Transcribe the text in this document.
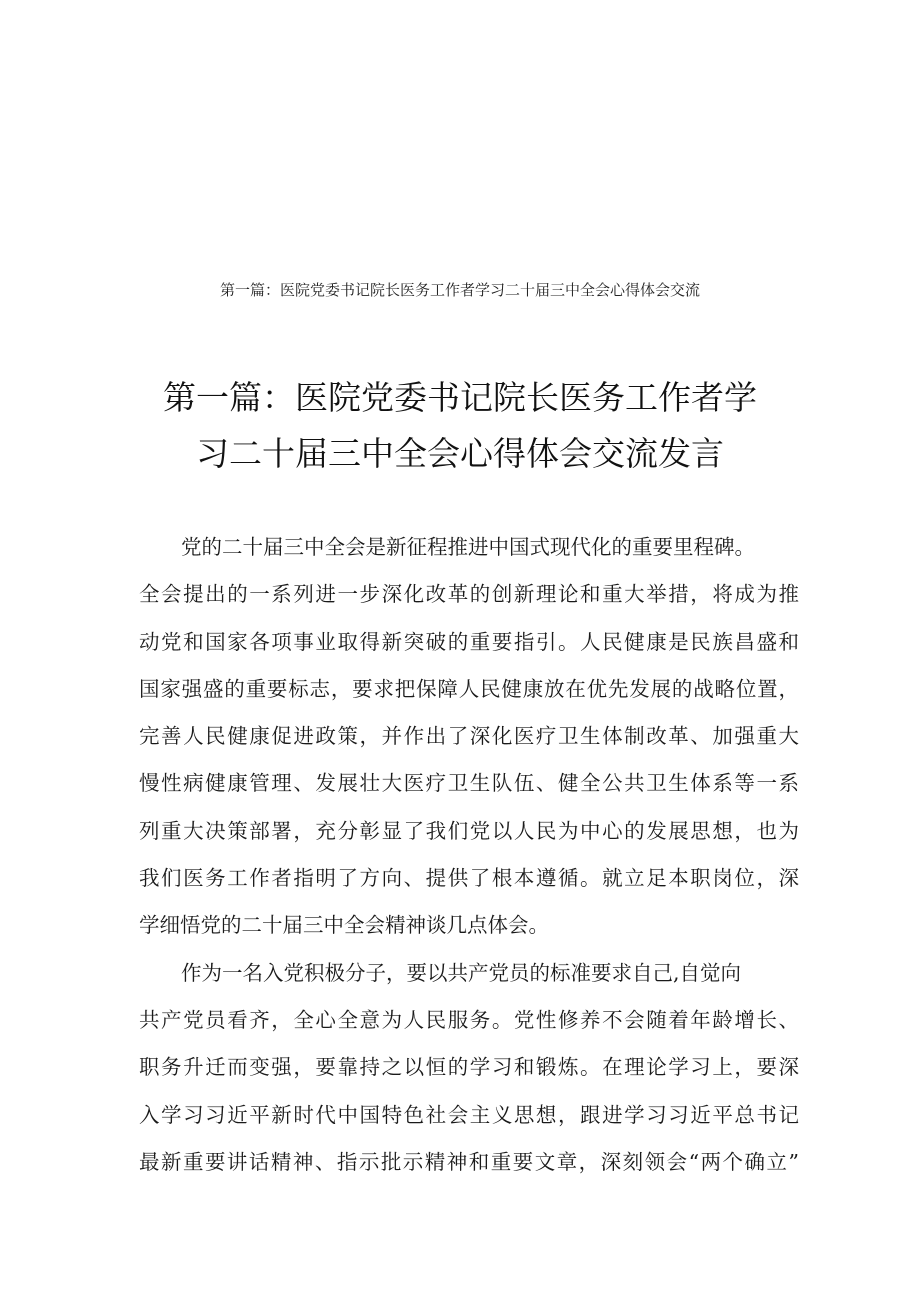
第一篇：医院党委书记院长医务工作者学习二十届三中全会心得体会交流
第一篇：医院党委书记院长医务工作者学
习二十届三中全会心得体会交流发言
党的二十届三中全会是新征程推进中国式现代化的重要里程碑。
全会提出的一系列进一步深化改革的创新理论和重大举措，将成为推
动党和国家各项事业取得新突破的重要指引。人民健康是民族昌盛和
国家强盛的重要标志，要求把保障人民健康放在优先发展的战略位置，
完善人民健康促进政策，并作出了深化医疗卫生体制改革、加强重大
慢性病健康管理、发展壮大医疗卫生队伍、健全公共卫生体系等一系
列重大决策部署，充分彰显了我们党以人民为中心的发展思想，也为
我们医务工作者指明了方向、提供了根本遵循。就立足本职岗位，深
学细悟党的二十届三中全会精神谈几点体会。
作为一名入党积极分子，要以共产党员的标准要求自己,自觉向
共产党员看齐，全心全意为人民服务。党性修养不会随着年龄增长、
职务升迁而变强，要靠持之以恒的学习和锻炼。在理论学习上，要深
入学习习近平新时代中国特色社会主义思想，跟进学习习近平总书记
最新重要讲话精神、指示批示精神和重要文章，深刻领会“两个确立”
